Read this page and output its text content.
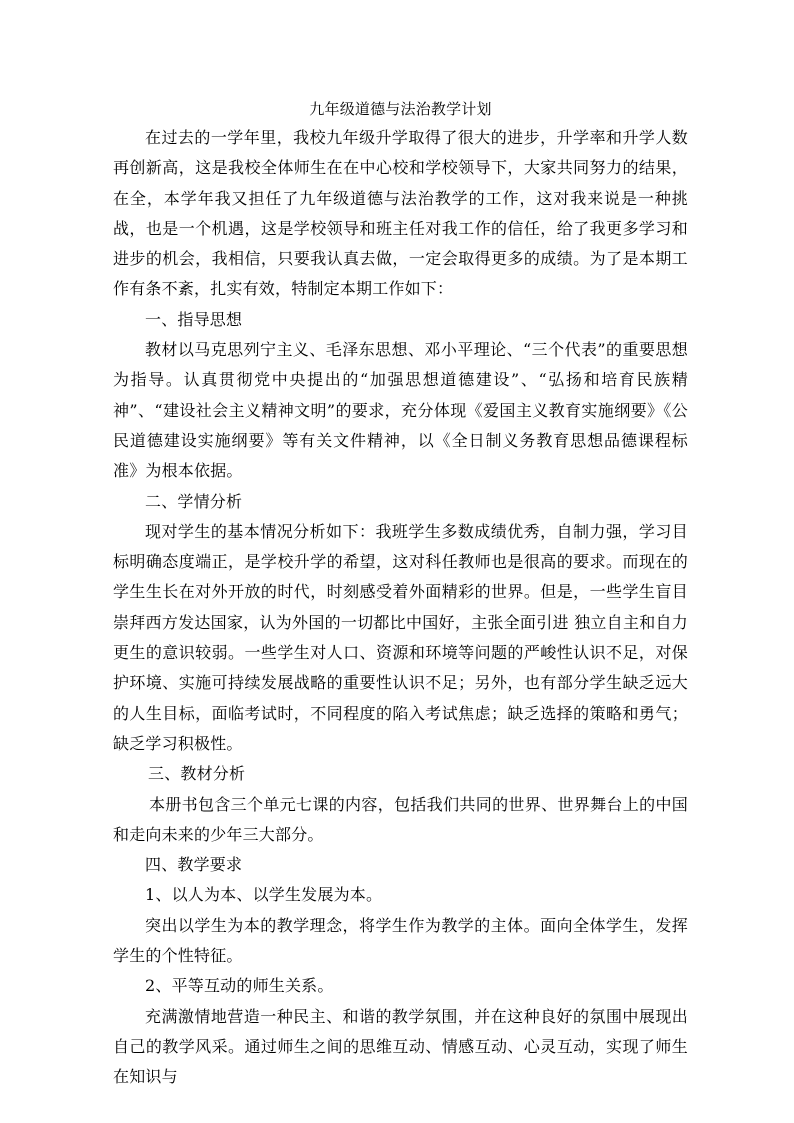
九年级道德与法治教学计划

在过去的一学年里，我校九年级升学取得了很大的进步，升学率和升学人数再创新高，这是我校全体师生在在中心校和学校领导下，大家共同努力的结果，在全，本学年我又担任了九年级道德与法治教学的工作，这对我来说是一种挑战，也是一个机遇，这是学校领导和班主任对我工作的信任，给了我更多学习和进步的机会，我相信，只要我认真去做，一定会取得更多的成绩。为了是本期工作有条不紊，扎实有效，特制定本期工作如下：

一、指导思想

教材以马克思列宁主义、毛泽东思想、邓小平理论、“三个代表”的重要思想为指导。认真贯彻党中央提出的“加强思想道德建设”、“弘扬和培育民族精神”、“建设社会主义精神文明”的要求，充分体现《爱国主义教育实施纲要》《公民道德建设实施纲要》等有关文件精神，以《全日制义务教育思想品德课程标准》为根本依据。

二、学情分析

现对学生的基本情况分析如下：我班学生多数成绩优秀，自制力强，学习目标明确态度端正，是学校升学的希望，这对科任教师也是很高的要求。而现在的学生生长在对外开放的时代，时刻感受着外面精彩的世界。但是，一些学生盲目崇拜西方发达国家，认为外国的一切都比中国好，主张全面引进 独立自主和自力更生的意识较弱。一些学生对人口、资源和环境等问题的严峻性认识不足，对保护环境、实施可持续发展战略的重要性认识不足；另外，也有部分学生缺乏远大的人生目标，面临考试时，不同程度的陷入考试焦虑；缺乏选择的策略和勇气；缺乏学习积极性。

三、教材分析

本册书包含三个单元七课的内容，包括我们共同的世界、世界舞台上的中国和走向未来的少年三大部分。

四、教学要求

1、以人为本、以学生发展为本。

突出以学生为本的教学理念，将学生作为教学的主体。面向全体学生，发挥学生的个性特征。

2、平等互动的师生关系。

充满激情地营造一种民主、和谐的教学氛围，并在这种良好的氛围中展现出自己的教学风采。通过师生之间的思维互动、情感互动、心灵互动，实现了师生在知识与
